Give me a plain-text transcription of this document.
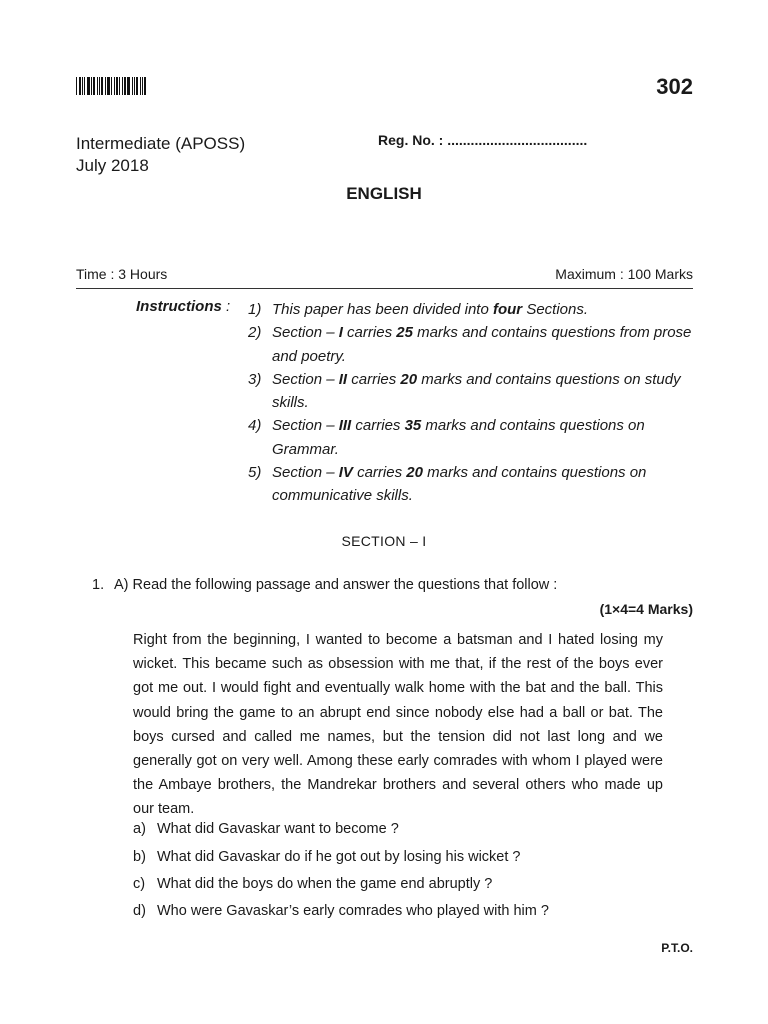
302
Intermediate (APOSS)
July 2018
Reg. No. : ....................................
ENGLISH
Time : 3 Hours	Maximum : 100 Marks
Instructions : 1) This paper has been divided into four Sections.
2) Section – I carries 25 marks and contains questions from prose and poetry.
3) Section – II carries 20 marks and contains questions on study skills.
4) Section – III carries 35 marks and contains questions on Grammar.
5) Section – IV carries 20 marks and contains questions on communicative skills.
SECTION – I
1. A) Read the following passage and answer the questions that follow :
(1×4=4 Marks)
Right from the beginning, I wanted to become a batsman and I hated losing my wicket. This became such as obsession with me that, if the rest of the boys ever got me out. I would fight and eventually walk home with the bat and the ball. This would bring the game to an abrupt end since nobody else had a ball or bat. The boys cursed and called me names, but the tension did not last long and we generally got on very well. Among these early comrades with whom I played were the Ambaye brothers, the Mandrekar brothers and several others who made up our team.
a) What did Gavaskar want to become ?
b) What did Gavaskar do if he got out by losing his wicket ?
c) What did the boys do when the game end abruptly ?
d) Who were Gavaskar’s early comrades who played with him ?
P.T.O.
